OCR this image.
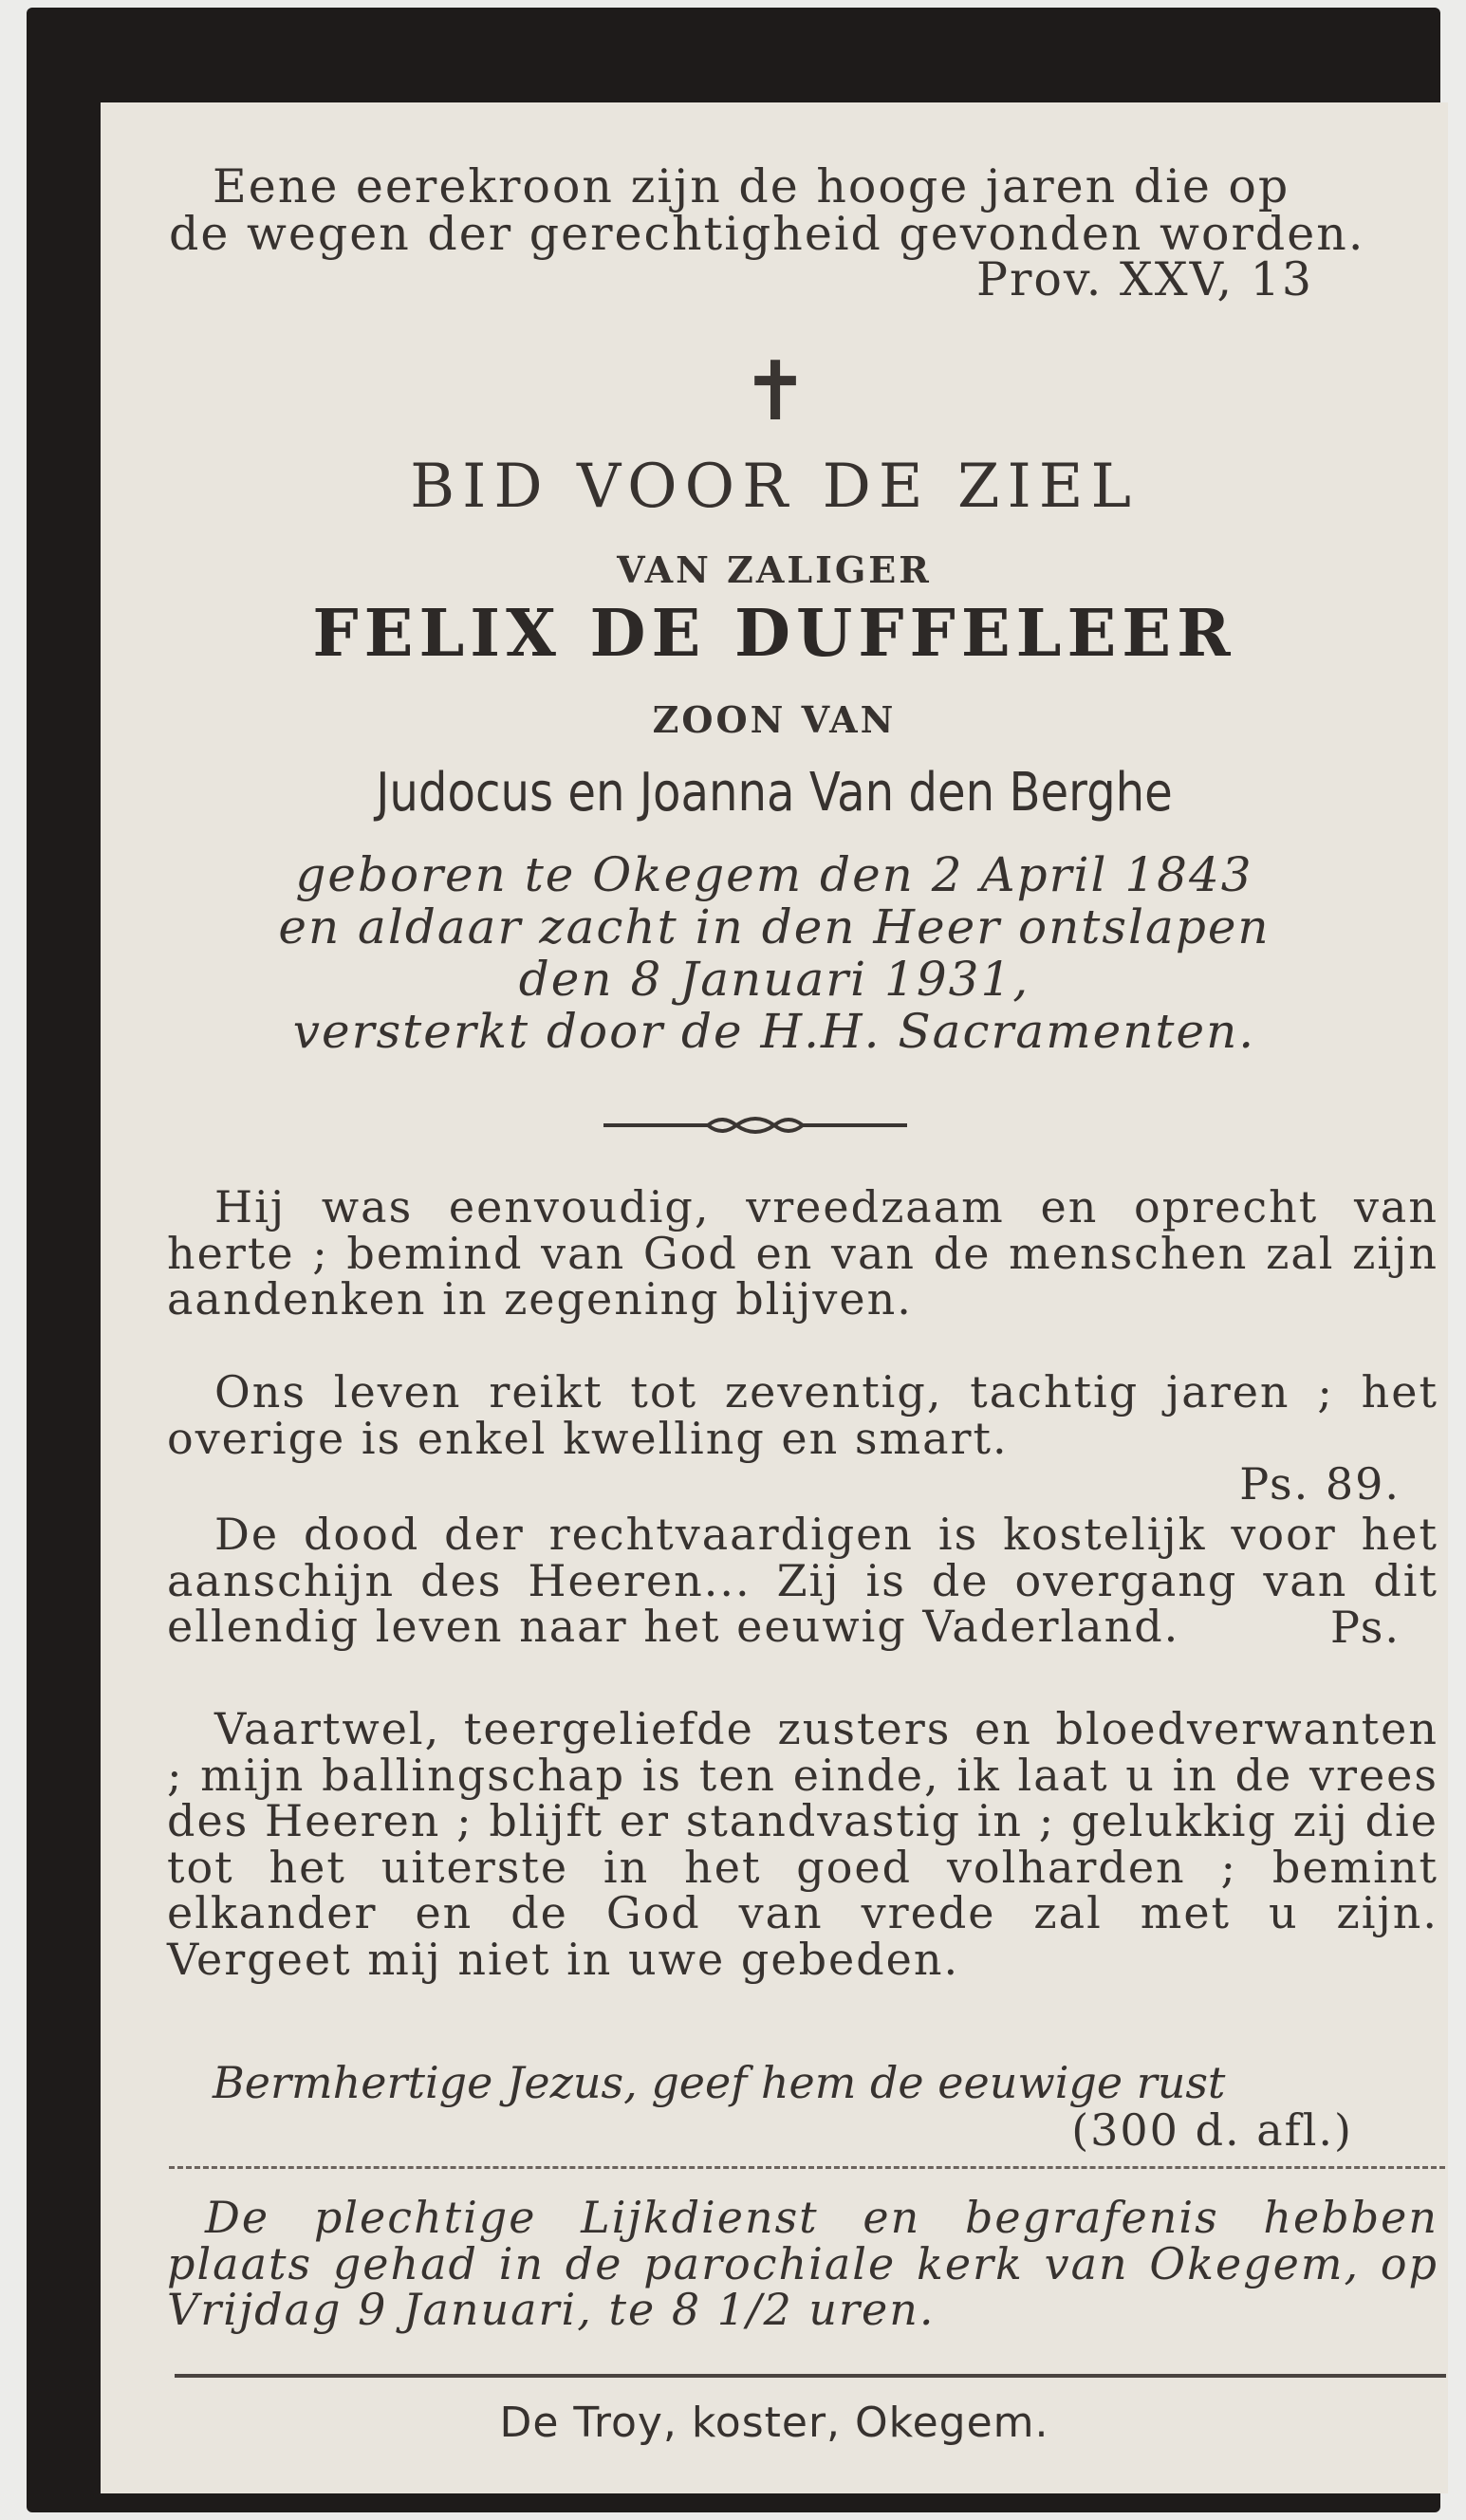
Eene eerekroon zijn de hooge jaren die op
de wegen der gerechtigheid gevonden worden.
Prov. XXV, 13
✝
BID VOOR DE ZIEL
VAN ZALIGER
FELIX DE DUFFELEER
ZOON VAN
Judocus en Joanna Van den Berghe
geboren te Okegem den 2 April 1843
en aldaar zacht in den Heer ontslapen
den 8 Januari 1931,
versterkt door de H.H. Sacramenten.

Hij was eenvoudig, vreedzaam en oprecht van herte ; bemind van God en van de menschen zal zijn aandenken in zegening blijven.

Ons leven reikt tot zeventig, tachtig jaren ; het overige is enkel kwelling en smart.

Ps. 89.

De dood der rechtvaardigen is kostelijk voor het aanschijn des Heeren... Zij is de overgang van dit ellendig leven naar het eeuwig Vaderland.	Ps.

Vaartwel, teergeliefde zusters en bloedverwanten ; mijn ballingschap is ten einde, ik laat u in de vrees des Heeren ; blijft er standvastig in ; gelukkig zij die tot het uiterste in het goed volharden ; bemint elkander en de God van vrede zal met u zijn. Vergeet mij niet in uwe gebeden.

Bermhertige Jezus, geef hem de eeuwige rust
(300 d. afl.)

De plechtige Lijkdienst en begrafenis hebben plaats gehad in de parochiale kerk van Okegem, op Vrijdag 9 Januari, te 8 1/2 uren.

De Troy, koster, Okegem.
